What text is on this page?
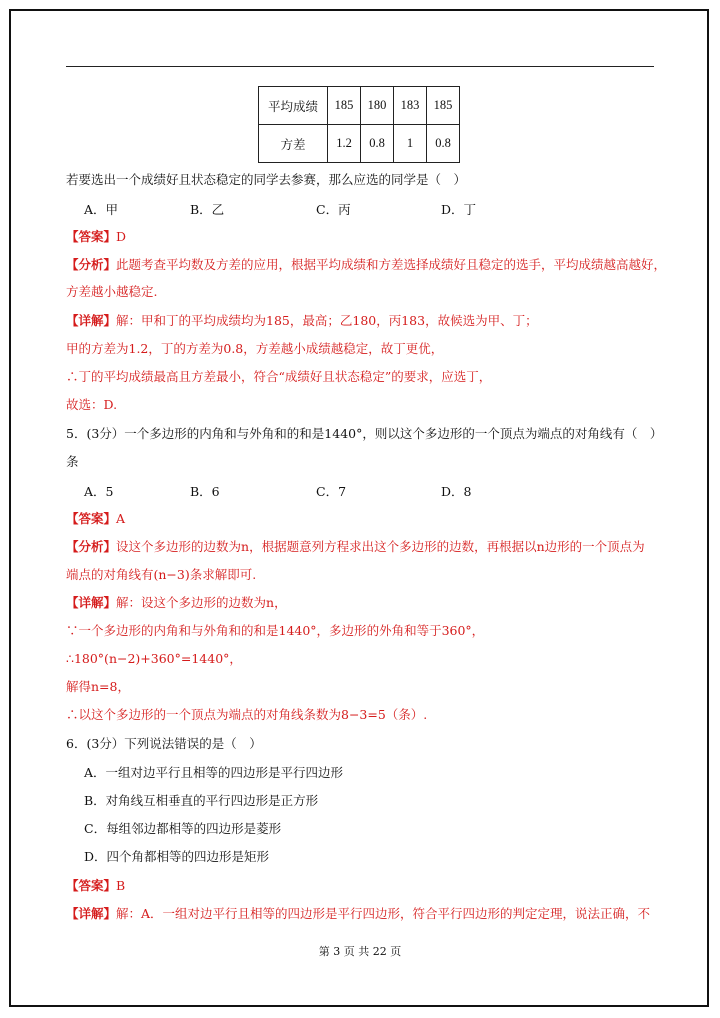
平均成绩	185	180	183	185
方差	1.2	0.8	1	0.8
若要选出一个成绩好且状态稳定的同学去参赛，那么应选的同学是（　）
A．甲	B．乙	C．丙	D．丁
【答案】D
【分析】此题考查平均数及方差的应用，根据平均成绩和方差选择成绩好且稳定的选手，平均成绩越高越好，
方差越小越稳定.
【详解】解：甲和丁的平均成绩均为185，最高；乙180，丙183，故候选为甲、丁；
甲的方差为1.2，丁的方差为0.8，方差越小成绩越稳定，故丁更优，
∴丁的平均成绩最高且方差最小，符合“成绩好且状态稳定”的要求，应选丁，
故选：D.
5．(3分）一个多边形的内角和与外角和的和是1440°，则以这个多边形的一个顶点为端点的对角线有（　）
条
A．5	B．6	C．7	D．8
【答案】A
【分析】设这个多边形的边数为n，根据题意列方程求出这个多边形的边数，再根据以n边形的一个顶点为
端点的对角线有(n−3)条求解即可.
【详解】解：设这个多边形的边数为n，
∵一个多边形的内角和与外角和的和是1440°，多边形的外角和等于360°，
∴180°(n−2)+360°=1440°，
解得n=8，
∴以这个多边形的一个顶点为端点的对角线条数为8−3=5（条）.
6．(3分）下列说法错误的是（　）
A．一组对边平行且相等的四边形是平行四边形
B．对角线互相垂直的平行四边形是正方形
C．每组邻边都相等的四边形是菱形
D．四个角都相等的四边形是矩形
【答案】B
【详解】解：A．一组对边平行且相等的四边形是平行四边形，符合平行四边形的判定定理，说法正确，不
第 3 页 共 22 页
